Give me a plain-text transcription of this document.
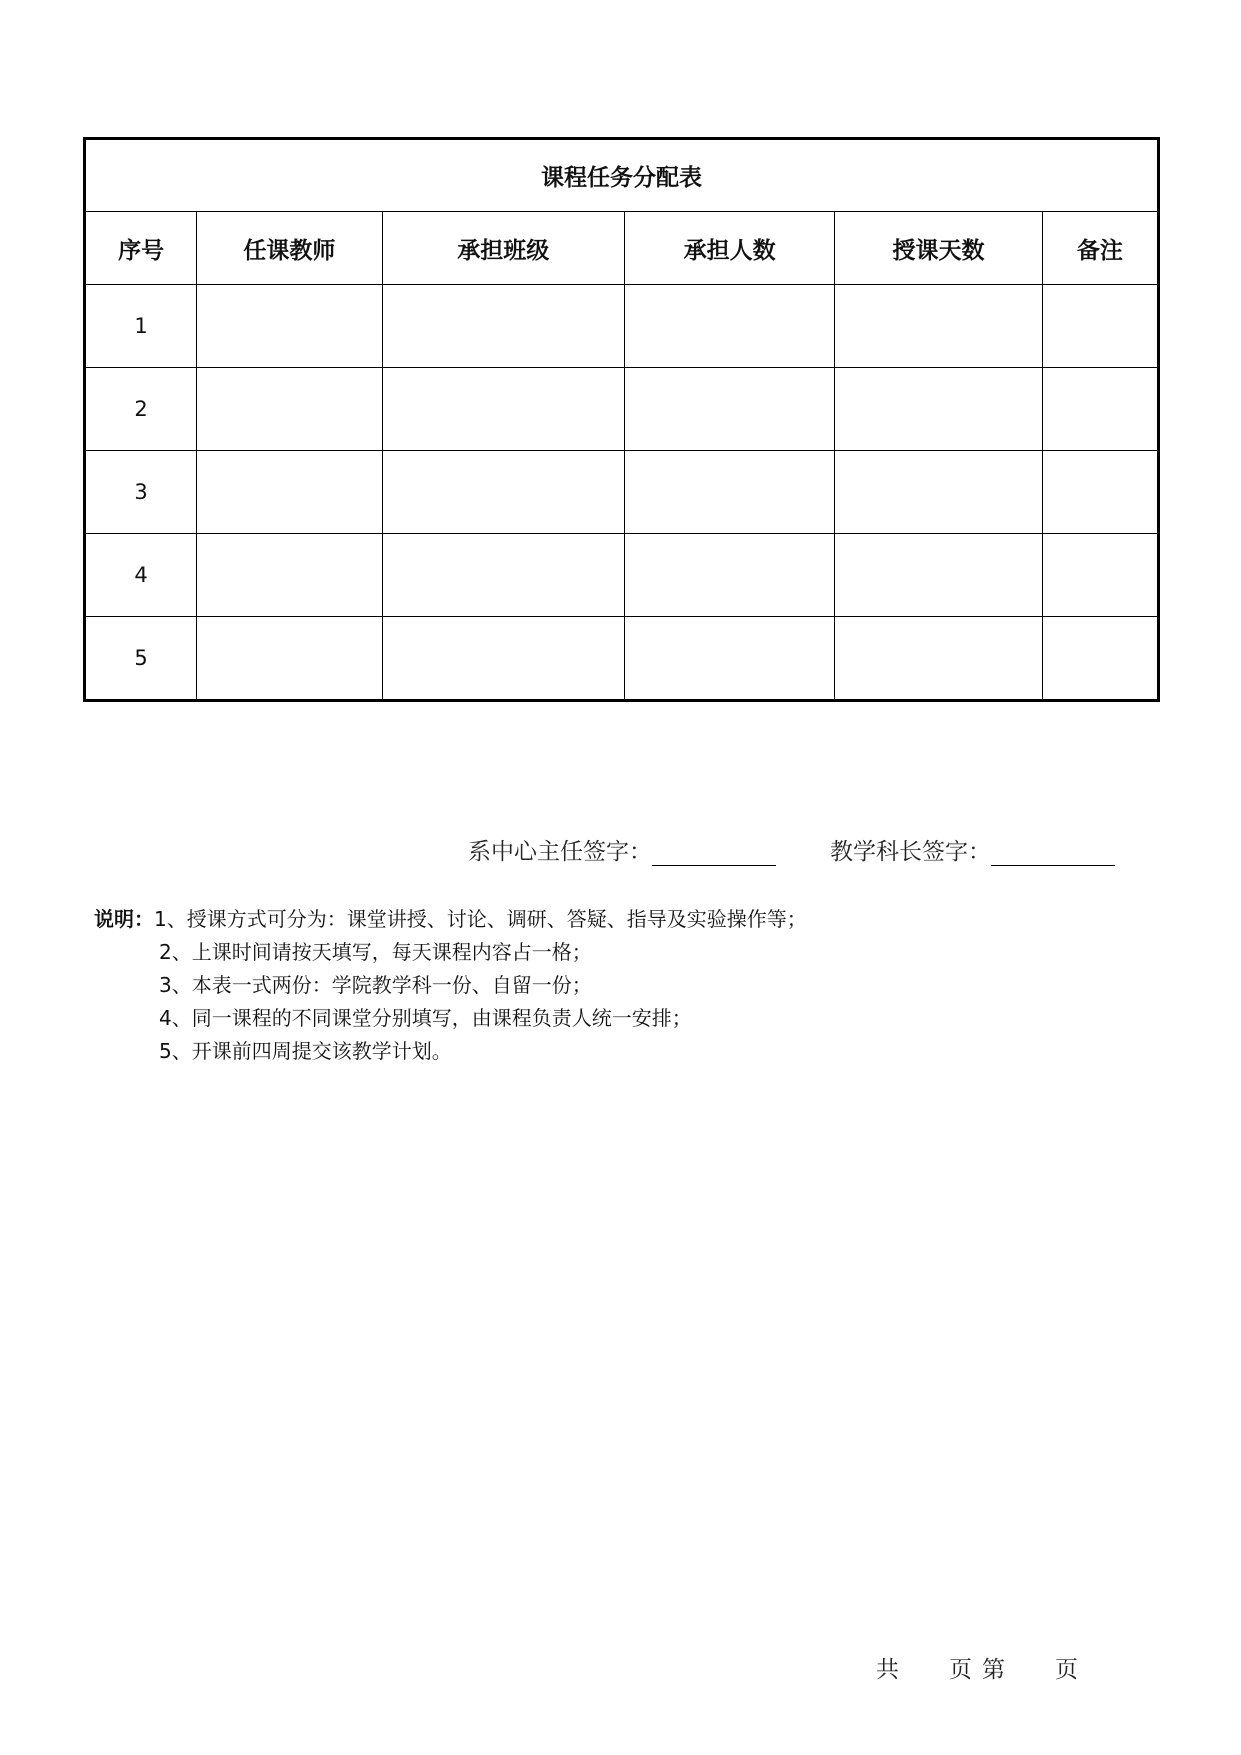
课程任务分配表					
序号	任课教师	承担班级	承担人数	授课天数	备注
1					
2					
3					
4					
5					
系中心主任签字：	教学科长签字：
说明：1、授课方式可分为：课堂讲授、讨论、调研、答疑、指导及实验操作等；
2、上课时间请按天填写，每天课程内容占一格；
3、本表一式两份：学院教学科一份、自留一份；
4、同一课程的不同课堂分别填写，由课程负责人统一安排；
5、开课前四周提交该教学计划。
共 页 第 页
